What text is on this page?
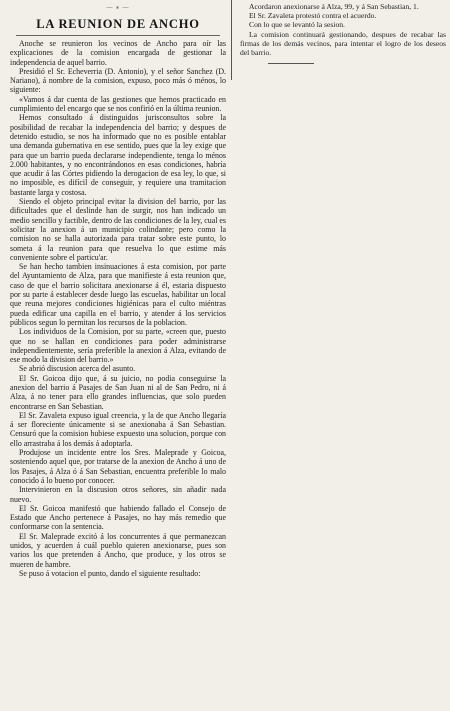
— ⁎ —
LA REUNION DE ANCHO

Anoche se reunieron los vecinos de Ancho para oír las explicaciones de la comision encargada de gestionar la independencia de aquel barrio.

Presidió el Sr. Echeverria (D. Antonio), y el señor Sanchez (D. Nariano), á nombre de la comision, expuso, poco más ó ménos, lo siguiente:

«Vamos á dar cuenta de las gestiones que hemos practicado en cumplimiento del encargo que se nos confirió en la última reunion.

Hemos consultado á distinguidos jurisconsultos sobre la posibilidad de recabar la independencia del barrio; y despues de detenido estudio, se nos ha informado que no es posible entablar una demanda gubernativa en ese sentido, pues que la ley exige que para que un barrio pueda declararse independiente, tenga lo ménos 2.000 habitantes, y no encontrándonos en esas condiciones, habría que acudir á las Córtes pidiendo la derogacion de esa ley, lo que, si no imposible, es difícil de conseguir, y requiere una tramitacion bastante larga y costosa.

Siendo el objeto principal evitar la division del barrio, por las dificultades que el deslinde han de surgir, nos han indicado un medio sencillo y factible, dentro de las condiciones de la ley, cual es solicitar la anexion á un municipio colindante; pero como la comision no se halla autorizada para tratar sobre este punto, lo someta á la reunion para que resuelva lo que estime más conveniente sobre el particu'ar.

Se han hecho tambien insinuaciones á esta comision, por parte del Ayuntamiento de Alza, para que manifieste á esta reunion que, caso de que el barrio solicitara anexionarse á él, estaria dispuesto por su parte á establecer desde luego las escuelas, habilitar un local que reuna mejores condiciones higiénicas para el culto miéntras pueda edificar una capilla en el barrio, y atender á los servicios públicos segun lo permitan los recursos de la poblacion.

Los individuos de la Comision, por su parte, «creen que, puesto que no se hallan en condiciones para poder administrarse independientemente, sería preferible la anexion á Alza, evitando de ese modo la division del barrio.»

Se abrió discusion acerca del asunto.

El Sr. Goicoa dijo que, á su juicio, no podia conseguirse la anexion del barrio á Pasajes de San Juan ni al de San Pedro, ni á Alza, á no tener para ello grandes influencias, que solo pueden encontrarse en San Sebastian.

El Sr. Zavaleta expuso igual creencia, y la de que Ancho llegaría á ser floreciente únicamente si se anexionaba á San Sebastian. Censuró que la comision hubiese expuesto una solucion, porque con ello arrastraba á los demás á adoptarla.

Produjose un incidente entre los Sres. Maleprade y Goicoa, sosteniendo aquel que, por tratarse de la anexion de Ancho á uno de los Pasajes, á Alza ó á San Sebastian, encuentra preferible lo malo conocido á lo bueno por conocer.

Intervinieron en la discusion otros señores, sin añadir nada nuevo.

El Sr. Goicoa manifestó que habiendo fallado el Consejo de Estado que Ancho pertenece á Pasajes, no hay más remedio que conformarse con la sentencia.

El Sr. Maleprade excitó á los concurrentes á que permanezcan unidos, y acuerden á cuál pueblo quieren anexionarse, pues son varios los que pretenden á Ancho, que produce, y los otros se mueren de hambre.

Se puso á votacion el punto, dando el siguiente resultado:

Acordaron anexionarse á Alza, 99, y á San Sebastian, 1.

El Sr. Zavaleta protestó contra el acuerdo.

Con lo que se levantó la sesion.

La comision continuará gestionando, despues de recabar las firmas de los demás vecinos, para intentar el logro de los deseos del barrio.
